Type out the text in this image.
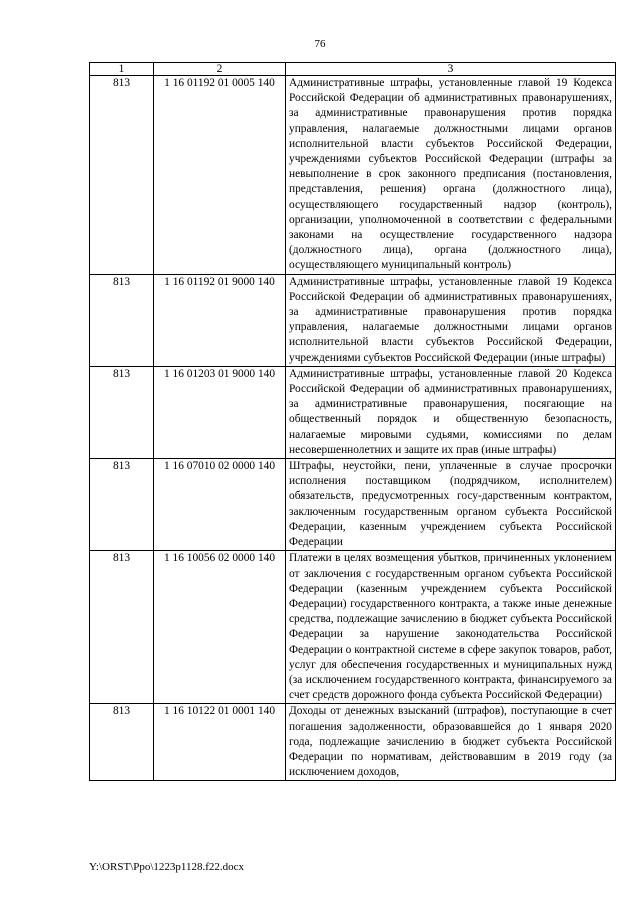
76
1	2	3
813	1 16 01192 01 0005 140	Административные штрафы, установленные главой 19 Кодекса Российской Федерации об административных правонарушениях, за административные правонарушения против порядка управления, налагаемые должностными лицами органов исполнительной власти субъектов Российской Федерации, учреждениями субъектов Российской Федерации (штрафы за невыполнение в срок законного предписания (постановления, представления, решения) органа (должностного лица), осуществляющего государственный надзор (контроль), организации, уполномоченной в соответствии с федеральными законами на осуществление государственного надзора (должностного лица), органа (должностного лица), осуществляющего муниципальный контроль)
813	1 16 01192 01 9000 140	Административные штрафы, установленные главой 19 Кодекса Российской Федерации об административных правонарушениях, за административные правонарушения против порядка управления, налагаемые должностными лицами органов исполнительной власти субъектов Российской Федерации, учреждениями субъектов Российской Федерации (иные штрафы)
813	1 16 01203 01 9000 140	Административные штрафы, установленные главой 20 Кодекса Российской Федерации об административных правонарушениях, за административные правонарушения, посягающие на общественный порядок и общественную безопасность, налагаемые мировыми судьями, комиссиями по делам несовершеннолетних и защите их прав (иные штрафы)
813	1 16 07010 02 0000 140	Штрафы, неустойки, пени, уплаченные в случае просрочки исполнения поставщиком (подрядчиком, исполнителем) обязательств, предусмотренных госу-дарственным контрактом, заключенным государственным органом субъекта Российской Федерации, казенным учреждением субъекта Российской Федерации
813	1 16 10056 02 0000 140	Платежи в целях возмещения убытков, причиненных уклонением от заключения с государственным органом субъекта Российской Федерации (казенным учреждением субъекта Российской Федерации) государственного контракта, а также иные денежные средства, подлежащие зачислению в бюджет субъекта Российской Федерации за нарушение законодательства Российской Федерации о контрактной системе в сфере закупок товаров, работ, услуг для обеспечения государственных и муниципальных нужд (за исключением государственного контракта, финансируемого за счет средств дорожного фонда субъекта Российской Федерации)
813	1 16 10122 01 0001 140	Доходы от денежных взысканий (штрафов), поступающие в счет погашения задолженности, образовавшейся до 1 января 2020 года, подлежащие зачислению в бюджет субъекта Российской Федерации по нормативам, действовавшим в 2019 году (за исключением доходов,
Y:\ORST\Ppo\1223p1128.f22.docx
